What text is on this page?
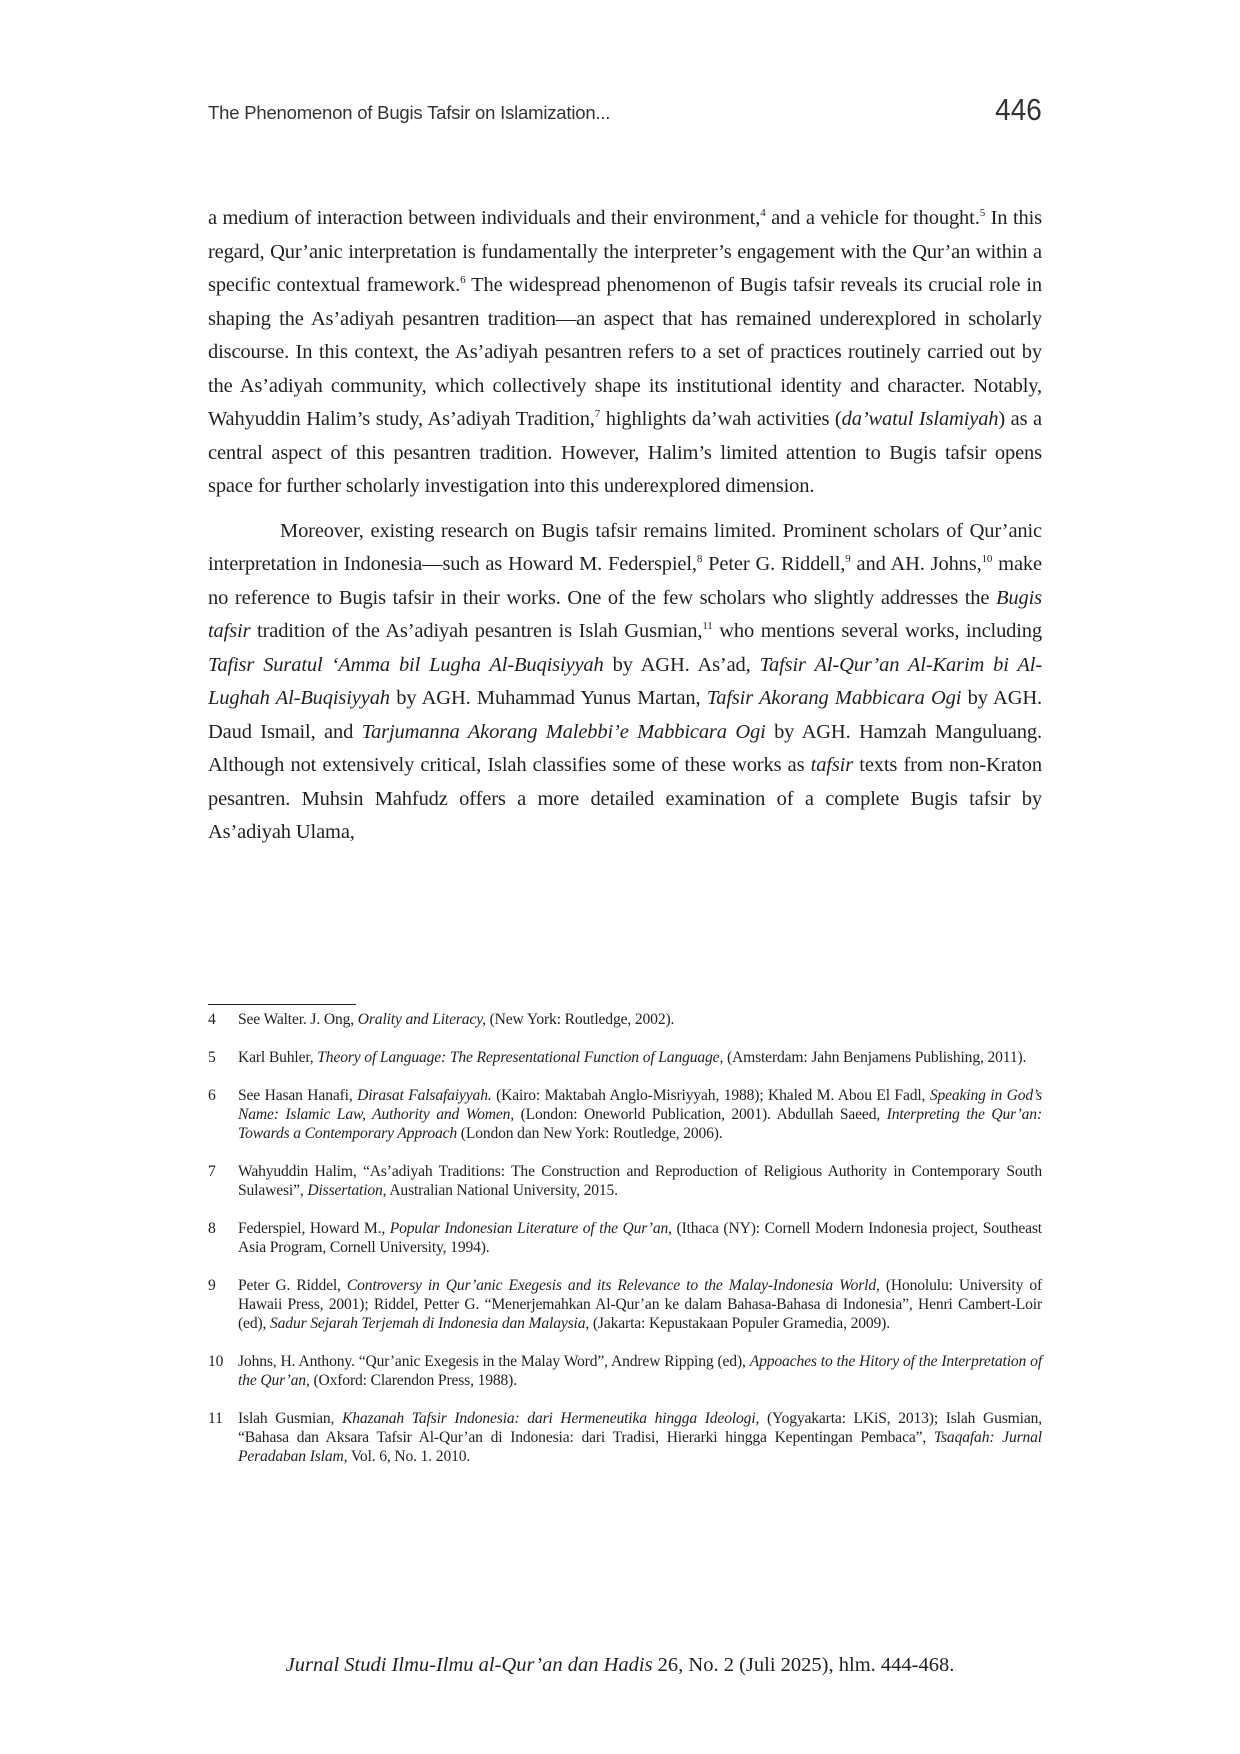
The Phenomenon of Bugis Tafsir on Islamization...	446

a medium of interaction between individuals and their environment,$^4$ and a vehicle for thought.$^5$ In this regard, Qur’anic interpretation is fundamentally the interpreter’s engagement with the Qur’an within a specific contextual framework.$^6$ The widespread phenomenon of Bugis tafsir reveals its crucial role in shaping the As’adiyah pesantren tradition—an aspect that has remained underexplored in scholarly discourse. In this context, the As’adiyah pesantren refers to a set of practices routinely carried out by the As’adiyah community, which collectively shape its institutional identity and character. Notably, Wahyuddin Halim’s study, As’adiyah Tradition,$^7$ highlights da’wah activities (da’watul Islamiyah) as a central aspect of this pesantren tradition. However, Halim’s limited attention to Bugis tafsir opens space for further scholarly investigation into this underexplored dimension.

Moreover, existing research on Bugis tafsir remains limited. Prominent scholars of Qur’anic interpretation in Indonesia—such as Howard M. Federspiel,$^8$ Peter G. Riddell,$^9$ and AH. Johns,$^{10}$ make no reference to Bugis tafsir in their works. One of the few scholars who slightly addresses the Bugis tafsir tradition of the As’adiyah pesantren is Islah Gusmian,$^{11}$ who mentions several works, including Tafisr Suratul ‘Amma bil Lugha Al-Buqisiyyah by AGH. As’ad, Tafsir Al-Qur’an Al-Karim bi Al-Lughah Al-Buqisiyyah by AGH. Muhammad Yunus Martan, Tafsir Akorang Mabbicara Ogi by AGH. Daud Ismail, and Tarjumanna Akorang Malebbi’e Mabbicara Ogi by AGH. Hamzah Manguluang. Although not extensively critical, Islah classifies some of these works as tafsir texts from non-Kraton pesantren. Muhsin Mahfudz offers a more detailed examination of a complete Bugis tafsir by As’adiyah Ulama,

4 See Walter. J. Ong, Orality and Literacy, (New York: Routledge, 2002).
5 Karl Buhler, Theory of Language: The Representational Function of Language, (Amsterdam: Jahn Benjamens Publishing, 2011).
6 See Hasan Hanafi, Dirasat Falsafaiyyah. (Kairo: Maktabah Anglo-Misriyyah, 1988); Khaled M. Abou El Fadl, Speaking in God’s Name: Islamic Law, Authority and Women, (London: Oneworld Publication, 2001). Abdullah Saeed, Interpreting the Qur’an: Towards a Contemporary Approach (London dan New York: Routledge, 2006).
7 Wahyuddin Halim, “As’adiyah Traditions: The Construction and Reproduction of Religious Authority in Contemporary South Sulawesi”, Dissertation, Australian National University, 2015.
8 Federspiel, Howard M., Popular Indonesian Literature of the Qur’an, (Ithaca (NY): Cornell Modern Indonesia project, Southeast Asia Program, Cornell University, 1994).
9 Peter G. Riddel, Controversy in Qur’anic Exegesis and its Relevance to the Malay-Indonesia World, (Honolulu: University of Hawaii Press, 2001); Riddel, Petter G. “Menerjemahkan Al-Qur’an ke dalam Bahasa-Bahasa di Indonesia”, Henri Cambert-Loir (ed), Sadur Sejarah Terjemah di Indonesia dan Malaysia, (Jakarta: Kepustakaan Populer Gramedia, 2009).
10 Johns, H. Anthony. “Qur’anic Exegesis in the Malay Word”, Andrew Ripping (ed), Appoaches to the Hitory of the Interpretation of the Qur’an, (Oxford: Clarendon Press, 1988).
11 Islah Gusmian, Khazanah Tafsir Indonesia: dari Hermeneutika hingga Ideologi, (Yogyakarta: LKiS, 2013); Islah Gusmian, “Bahasa dan Aksara Tafsir Al-Qur’an di Indonesia: dari Tradisi, Hierarki hingga Kepentingan Pembaca”, Tsaqafah: Jurnal Peradaban Islam, Vol. 6, No. 1. 2010.
Jurnal Studi Ilmu-Ilmu al-Qur’an dan Hadis 26, No. 2 (Juli 2025), hlm. 444-468.
